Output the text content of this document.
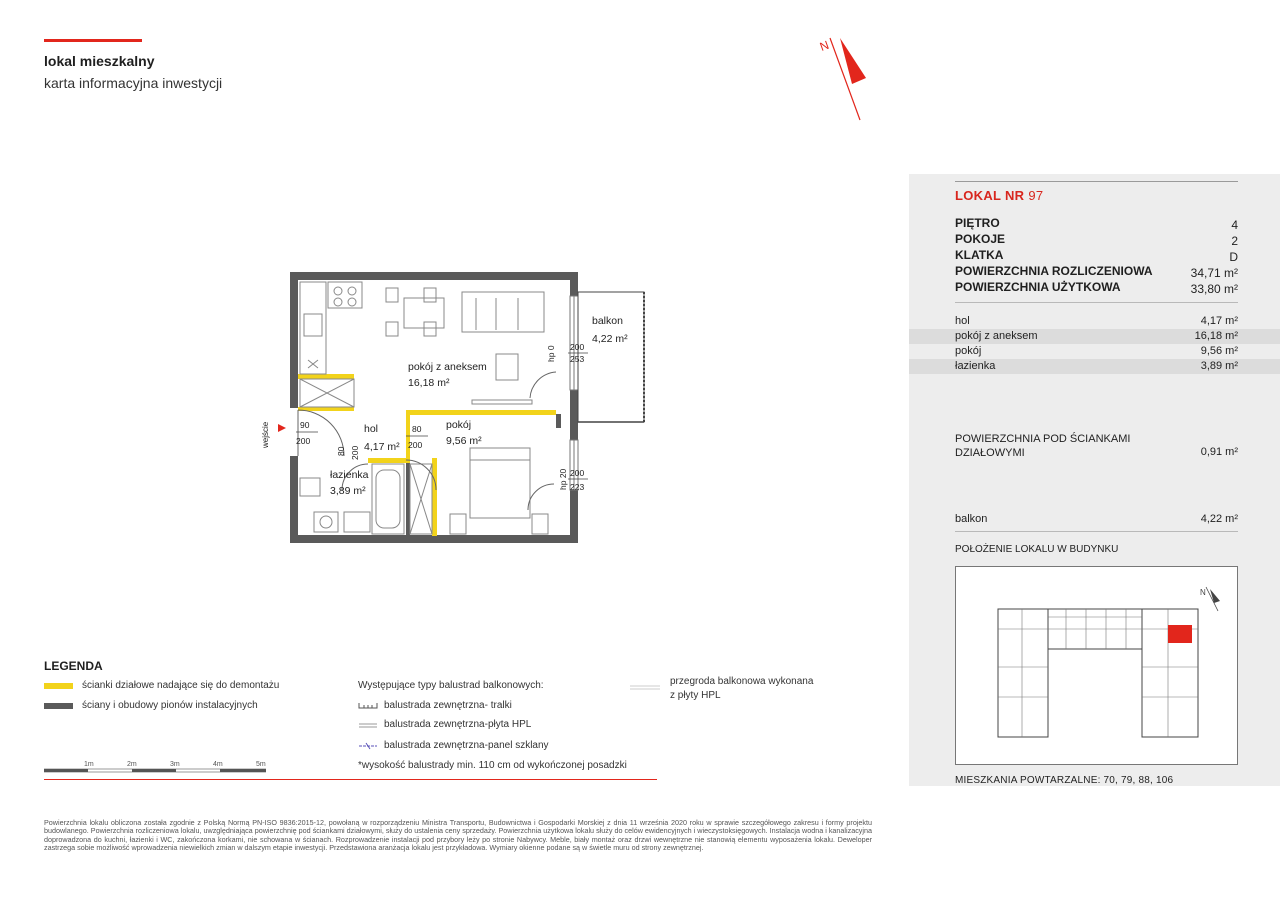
lokal mieszkalny
karta informacyjna inwestycji
N
wejście
balkon
4,22 m²
pokój z aneksem
16,18 m²
hol
4,17 m²
pokój
9,56 m²
łazienka
3,89 m²
90
200
80 200
80
200
hp 0 200
253
hp 20 200
223
LOKAL NR 97
PIĘTRO	4
POKOJE	2
KLATKA	D
POWIERZCHNIA ROZLICZENIOWA	34,71 m²
POWIERZCHNIA UŻYTKOWA	33,80 m²
hol	4,17 m²
pokój z aneksem	16,18 m²
pokój	9,56 m²
łazienka	3,89 m²
POWIERZCHNIA POD ŚCIANKAMI
DZIAŁOWYMI	0,91 m²
balkon	4,22 m²
POŁOŻENIE LOKALU W BUDYNKU
N
MIESZKANIA POWTARZALNE: 70, 79, 88, 106
LEGENDA
ścianki działowe nadające się do demontażu
ściany i obudowy pionów instalacyjnych
Występujące typy balustrad balkonowych:
balustrada zewnętrzna- tralki
balustrada zewnętrzna-płyta HPL
balustrada zewnętrzna-panel szklany
*wysokość balustrady min. 110 cm od wykończonej posadzki
przegroda balkonowa wykonana
z płyty HPL
1m	2m	3m	4m	5m
Powierzchnia lokalu obliczona została zgodnie z Polską Normą PN-ISO 9836:2015-12, powołaną w rozporządzeniu Ministra Transportu, Budownictwa i Gospodarki Morskiej z dnia 11 września 2020 roku w sprawie szczegółowego zakresu i formy projektu budowlanego. Powierzchnia rozliczeniowa lokalu, uwzględniająca powierzchnię pod ściankami działowymi, służy do ustalenia ceny sprzedaży. Powierzchnia użytkowa lokalu służy do celów ewidencyjnych i wieczystoksięgowych. Instalacja wodna i kanalizacyjna doprowadzona do kuchni, łazienki i WC, zakończona korkami, nie schowana w ścianach. Rozprowadzenie instalacji pod przybory leży po stronie Nabywcy. Meble, biały montaż oraz drzwi wewnętrzne nie stanowią elementu wyposażenia lokalu. Deweloper zastrzega sobie możliwość wprowadzenia niewielkich zmian w dalszym etapie inwestycji. Przedstawiona aranżacja lokalu jest przykładowa. Wymiary okienne podane są w świetle muru od strony zewnętrznej.
